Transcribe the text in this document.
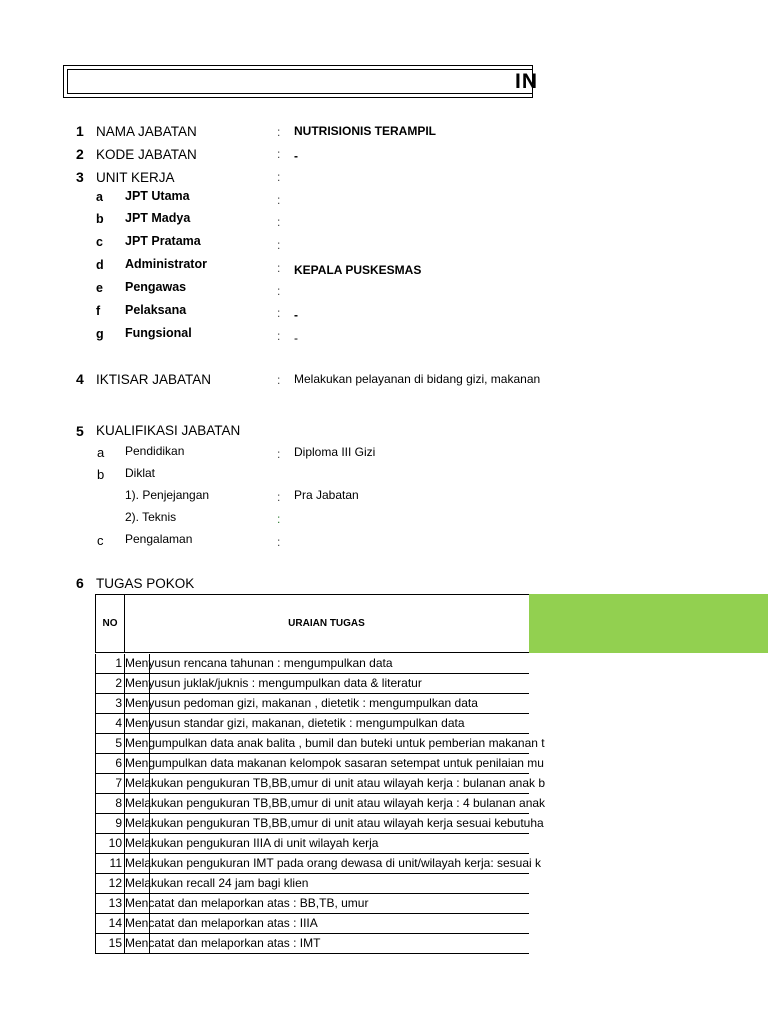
IN
1 NAMA JABATAN	: NUTRISIONIS TERAMPIL
2 KODE JABATAN	: -
3 UNIT KERJA	:
a JPT Utama	:
b JPT Madya	:
c JPT Pratama	:
d Administrator	: KEPALA PUSKESMAS
e Pengawas	:
f Pelaksana	: -
g Fungsional	: -
4 IKTISAR JABATAN	: Melakukan pelayanan di bidang gizi, makanan
5 KUALIFIKASI JABATAN
a Pendidikan	: Diploma III Gizi
b Diklat
1). Penjejangan	: Pra Jabatan
2). Teknis	:
c Pengalaman	:
6 TUGAS POKOK
NO	URAIAN TUGAS
1 Menyusun rencana tahunan : mengumpulkan data
2 Menyusun juklak/juknis : mengumpulkan data & literatur
3 Menyusun pedoman gizi, makanan , dietetik : mengumpulkan data
4 Menyusun standar gizi, makanan, dietetik : mengumpulkan data
5 Mengumpulkan data anak balita , bumil dan buteki untuk pemberian makanan t
6 Mengumpulkan data makanan kelompok sasaran setempat untuk penilaian mu
7 Melakukan pengukuran TB,BB,umur di unit atau wilayah kerja : bulanan anak b
8 Melakukan pengukuran TB,BB,umur di unit atau wilayah kerja : 4 bulanan anak
9 Melakukan pengukuran TB,BB,umur di unit atau wilayah kerja sesuai kebutuha
10 Melakukan pengukuran IIIA di unit wilayah kerja
11 Melakukan pengukuran IMT pada orang dewasa di unit/wilayah kerja: sesuai k
12 Melakukan recall 24 jam bagi klien
13 Mencatat dan melaporkan atas : BB,TB, umur
14 Mencatat dan melaporkan atas : IIIA
15 Mencatat dan melaporkan atas : IMT
